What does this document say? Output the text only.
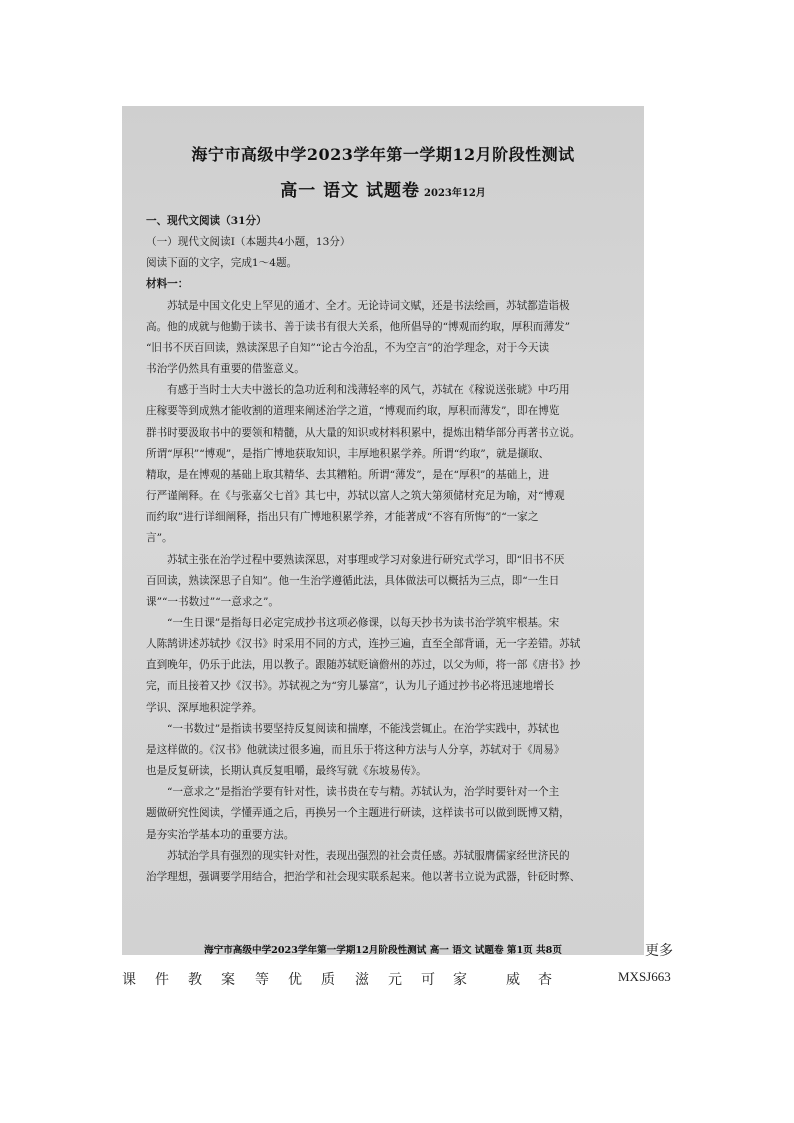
海宁市高级中学2023学年第一学期12月阶段性测试
高一 语文 试题卷 2023年12月

一、现代文阅读（31分）

（一）现代文阅读Ⅰ（本题共4小题，13分）

阅读下面的文字，完成1～4题。

材料一：

苏轼是中国文化史上罕见的通才、全才。无论诗词文赋，还是书法绘画，苏轼都造诣极

高。他的成就与他勤于读书、善于读书有很大关系，他所倡导的“博观而约取，厚积而薄发”

“旧书不厌百回读，熟读深思子自知”“论古今治乱，不为空言”的治学理念，对于今天读

书治学仍然具有重要的借鉴意义。

有感于当时士大夫中滋长的急功近利和浅薄轻率的风气，苏轼在《稼说送张琥》中巧用

庄稼要等到成熟才能收割的道理来阐述治学之道，“博观而约取，厚积而薄发”，即在博览

群书时要汲取书中的要领和精髓，从大量的知识或材料积累中，提炼出精华部分再著书立说。

所谓“厚积”“博观”，是指广博地获取知识，丰厚地积累学养。所谓“约取”，就是撷取、

精取，是在博观的基础上取其精华、去其糟粕。所谓“薄发”，是在“厚积”的基础上，进

行严谨阐释。在《与张嘉父七首》其七中，苏轼以富人之筑大第须储材充足为喻，对“博观

而约取”进行详细阐释，指出只有广博地积累学养，才能著成“不容有所悔”的“一家之

言”。

苏轼主张在治学过程中要熟读深思，对事理或学习对象进行研究式学习，即“旧书不厌

百回读，熟读深思子自知”。他一生治学遵循此法，具体做法可以概括为三点，即“一生日

课”“一书数过”“一意求之”。

“一生日课”是指每日必定完成抄书这项必修课，以每天抄书为读书治学筑牢根基。宋

人陈鹄讲述苏轼抄《汉书》时采用不同的方式，连抄三遍，直至全部背诵，无一字差错。苏轼

直到晚年，仍乐于此法，用以教子。跟随苏轼贬谪儋州的苏过，以父为师，将一部《唐书》抄

完，而且接着又抄《汉书》。苏轼视之为“穷儿暴富”，认为儿子通过抄书必将迅速地增长

学识、深厚地积淀学养。

“一书数过”是指读书要坚持反复阅读和揣摩，不能浅尝辄止。在治学实践中，苏轼也

是这样做的。《汉书》他就读过很多遍，而且乐于将这种方法与人分享，苏轼对于《周易》

也是反复研读，长期认真反复咀嚼，最终写就《东坡易传》。

“一意求之”是指治学要有针对性，读书贵在专与精。苏轼认为，治学时要针对一个主

题做研究性阅读，学懂弄通之后，再换另一个主题进行研读，这样读书可以做到既博又精，

是夯实治学基本功的重要方法。

苏轼治学具有强烈的现实针对性，表现出强烈的社会责任感。苏轼服膺儒家经世济民的

治学理想，强调要学用结合，把治学和社会现实联系起来。他以著书立说为武器，针砭时弊、

海宁市高级中学2023学年第一学期12月阶段性测试 高一 语文 试题卷 第1页 共8页	更多
课 件 教 案 等 优 质 滋 元 可 家	威 杏	MXSJ663
